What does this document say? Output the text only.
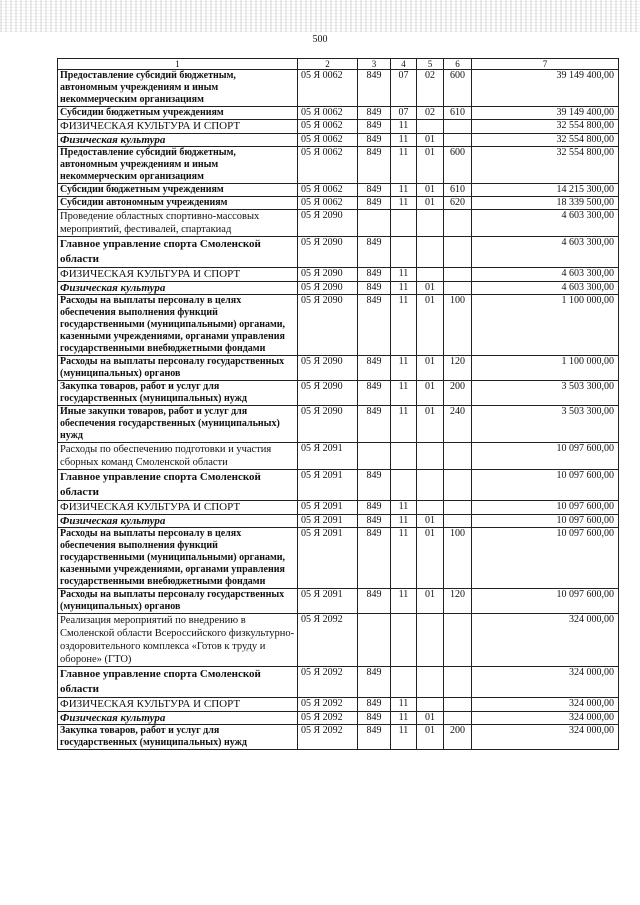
500
1	2	3	4	5	6	7
Предоставление субсидий бюджетным, автономным учреждениям и иным некоммерческим организациям	05 Я 0062	849	07	02	600	39 149 400,00
Субсидии бюджетным учреждениям	05 Я 0062	849	07	02	610	39 149 400,00
ФИЗИЧЕСКАЯ КУЛЬТУРА И СПОРТ	05 Я 0062	849	11			32 554 800,00
Физическая культура	05 Я 0062	849	11	01		32 554 800,00
Предоставление субсидий бюджетным, автономным учреждениям и иным некоммерческим организациям	05 Я 0062	849	11	01	600	32 554 800,00
Субсидии бюджетным учреждениям	05 Я 0062	849	11	01	610	14 215 300,00
Субсидии автономным учреждениям	05 Я 0062	849	11	01	620	18 339 500,00
Проведение областных спортивно-массовых мероприятий, фестивалей, спартакиад	05 Я 2090					4 603 300,00
Главное управление спорта Смоленской области	05 Я 2090	849				4 603 300,00
ФИЗИЧЕСКАЯ КУЛЬТУРА И СПОРТ	05 Я 2090	849	11			4 603 300,00
Физическая культура	05 Я 2090	849	11	01		4 603 300,00
Расходы на выплаты персоналу в целях обеспечения выполнения функций государственными (муниципальными) органами, казенными учреждениями, органами управления государственными внебюджетными фондами	05 Я 2090	849	11	01	100	1 100 000,00
Расходы на выплаты персоналу государственных (муниципальных) органов	05 Я 2090	849	11	01	120	1 100 000,00
Закупка товаров, работ и услуг для государственных (муниципальных) нужд	05 Я 2090	849	11	01	200	3 503 300,00
Иные закупки товаров, работ и услуг для обеспечения государственных (муниципальных) нужд	05 Я 2090	849	11	01	240	3 503 300,00
Расходы по обеспечению подготовки и участия сборных команд Смоленской области	05 Я 2091					10 097 600,00
Главное управление спорта Смоленской области	05 Я 2091	849				10 097 600,00
ФИЗИЧЕСКАЯ КУЛЬТУРА И СПОРТ	05 Я 2091	849	11			10 097 600,00
Физическая культура	05 Я 2091	849	11	01		10 097 600,00
Расходы на выплаты персоналу в целях обеспечения выполнения функций государственными (муниципальными) органами, казенными учреждениями, органами управления государственными внебюджетными фондами	05 Я 2091	849	11	01	100	10 097 600,00
Расходы на выплаты персоналу государственных (муниципальных) органов	05 Я 2091	849	11	01	120	10 097 600,00
Реализация мероприятий по внедрению в Смоленской области Всероссийского физкультурно-оздоровительного комплекса «Готов к труду и обороне» (ГТО)	05 Я 2092					324 000,00
Главное управление спорта Смоленской области	05 Я 2092	849				324 000,00
ФИЗИЧЕСКАЯ КУЛЬТУРА И СПОРТ	05 Я 2092	849	11			324 000,00
Физическая культура	05 Я 2092	849	11	01		324 000,00
Закупка товаров, работ и услуг для государственных (муниципальных) нужд	05 Я 2092	849	11	01	200	324 000,00
